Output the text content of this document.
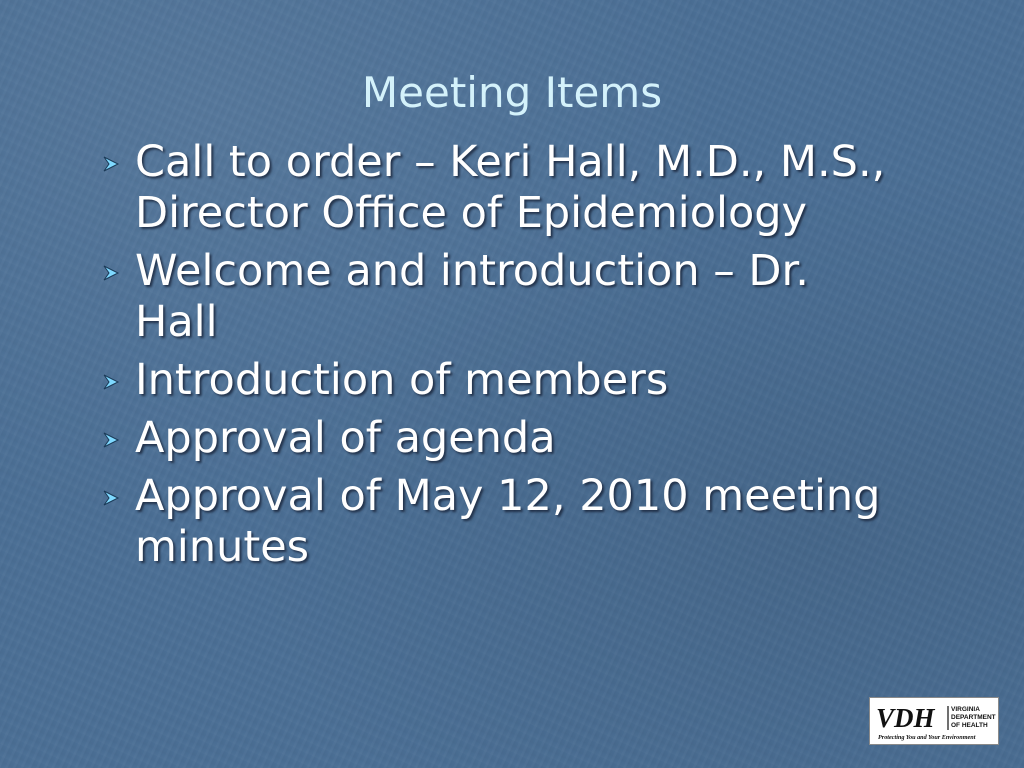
Meeting Items
Call to order – Keri Hall, M.D., M.S., Director Office of Epidemiology
Welcome and introduction – Dr. Hall
Introduction of members
Approval of agenda
Approval of May 12, 2010 meeting minutes
VDH	VIRGINIA
DEPARTMENT
OF HEALTH
Protecting You and Your Environment
